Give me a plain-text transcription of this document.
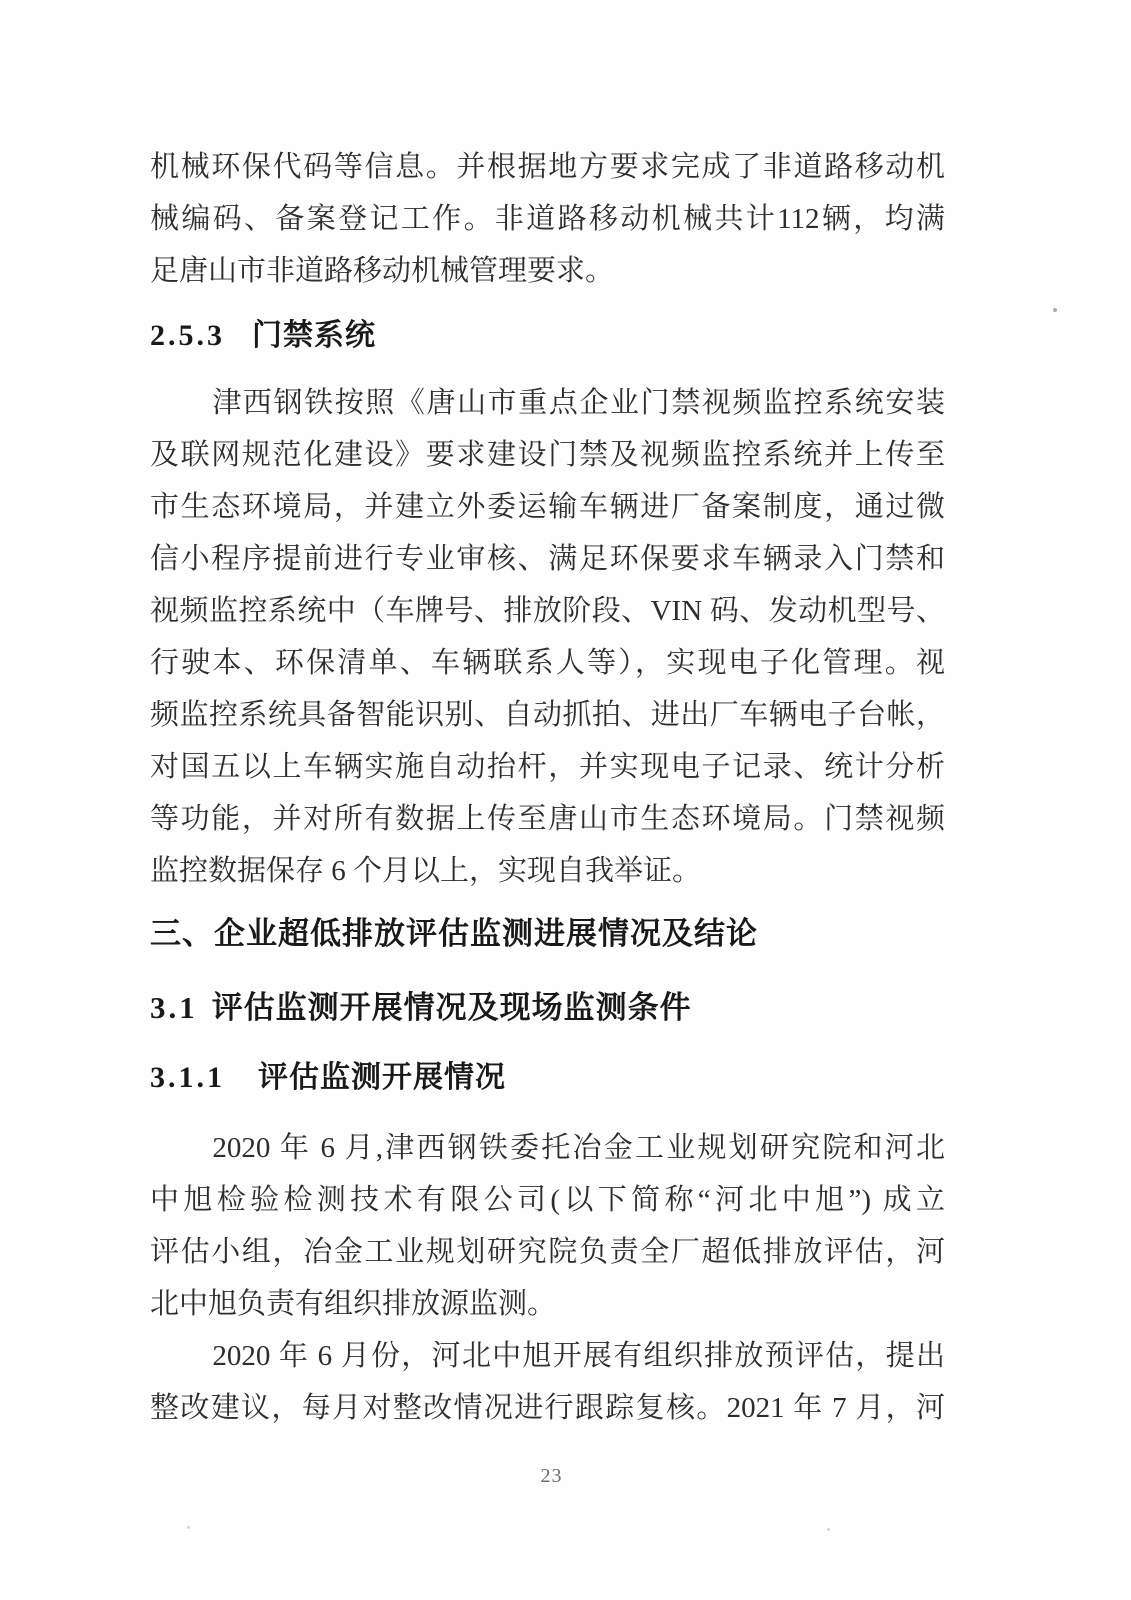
机械环保代码等信息。并根据地方要求完成了非道路移动机
械编码、备案登记工作。非道路移动机械共计112辆，均满
足唐山市非道路移动机械管理要求。
2.5.3 门禁系统
津西钢铁按照《唐山市重点企业门禁视频监控系统安装
及联网规范化建设》要求建设门禁及视频监控系统并上传至
市生态环境局，并建立外委运输车辆进厂备案制度，通过微
信小程序提前进行专业审核、满足环保要求车辆录入门禁和
视频监控系统中（车牌号、排放阶段、VIN 码、发动机型号、
行驶本、环保清单、车辆联系人等），实现电子化管理。视
频监控系统具备智能识别、自动抓拍、进出厂车辆电子台帐，
对国五以上车辆实施自动抬杆，并实现电子记录、统计分析
等功能，并对所有数据上传至唐山市生态环境局。门禁视频
监控数据保存 6 个月以上，实现自我举证。
三、企业超低排放评估监测进展情况及结论
3.1 评估监测开展情况及现场监测条件
3.1.1 评估监测开展情况
2020 年 6 月,津西钢铁委托冶金工业规划研究院和河北
中旭检验检测技术有限公司(以下简称“河北中旭”) 成立
评估小组，冶金工业规划研究院负责全厂超低排放评估，河
北中旭负责有组织排放源监测。
2020 年 6 月份，河北中旭开展有组织排放预评估，提出
整改建议，每月对整改情况进行跟踪复核。2021 年 7 月，河
23
